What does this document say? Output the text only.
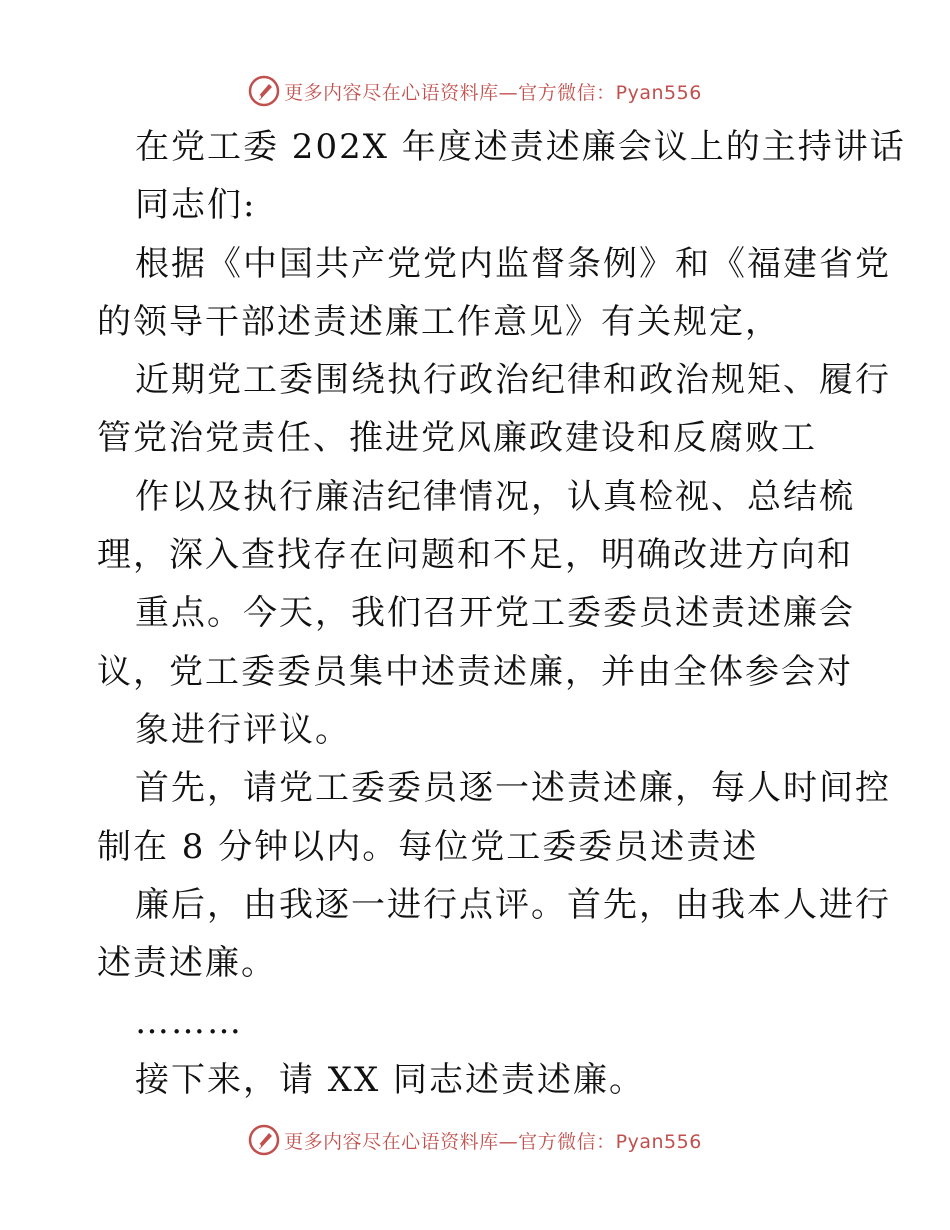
更多内容尽在心语资料库—官方微信：Pyan556
在党工委 202X 年度述责述廉会议上的主持讲话
同志们:
根据《中国共产党党内监督条例》和《福建省党
的领导干部述责述廉工作意见》有关规定，
近期党工委围绕执行政治纪律和政治规矩、履行
管党治党责任、推进党风廉政建设和反腐败工
作以及执行廉洁纪律情况，认真检视、总结梳
理，深入查找存在问题和不足，明确改进方向和
重点。今天，我们召开党工委委员述责述廉会
议，党工委委员集中述责述廉，并由全体参会对
象进行评议。
首先，请党工委委员逐一述责述廉，每人时间控
制在 8 分钟以内。每位党工委委员述责述
廉后，由我逐一进行点评。首先，由我本人进行
述责述廉。
………
接下来，请 XX 同志述责述廉。
更多内容尽在心语资料库—官方微信：Pyan556
